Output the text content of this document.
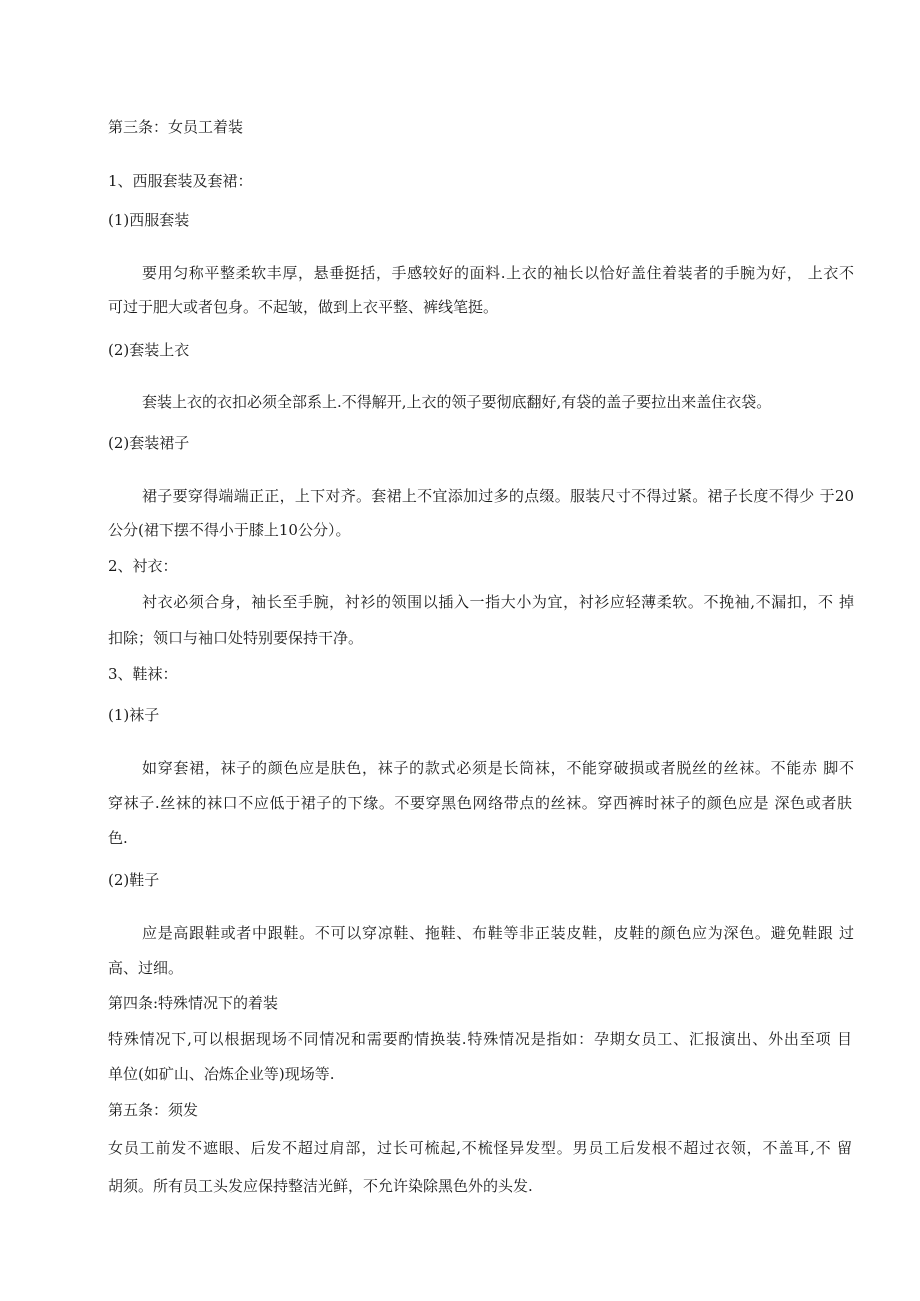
第三条：女员工着装
1、西服套装及套裙：
(1)西服套装
要用匀称平整柔软丰厚，悬垂挺括，手感较好的面料.上衣的袖长以恰好盖住着装者的手腕为好， 上衣不
可过于肥大或者包身。不起皱，做到上衣平整、裤线笔挺。
(2)套装上衣
套装上衣的衣扣必须全部系上.不得解开,上衣的领子要彻底翻好,有袋的盖子要拉出来盖住衣袋。
(2)套装裙子
裙子要穿得端端正正，上下对齐。套裙上不宜添加过多的点缀。服装尺寸不得过紧。裙子长度不得少 于20
公分(裙下摆不得小于膝上10公分）。
2、衬衣：
衬衣必须合身，袖长至手腕，衬衫的领围以插入一指大小为宜，衬衫应轻薄柔软。不挽袖,不漏扣，不 掉
扣除；领口与袖口处特别要保持干净。
3、鞋袜：
(1)袜子
如穿套裙，袜子的颜色应是肤色，袜子的款式必须是长筒袜，不能穿破损或者脱丝的丝袜。不能赤 脚不
穿袜子.丝袜的袜口不应低于裙子的下缘。不要穿黑色网络带点的丝袜。穿西裤时袜子的颜色应是 深色或者肤
色.
(2)鞋子
应是高跟鞋或者中跟鞋。不可以穿凉鞋、拖鞋、布鞋等非正装皮鞋，皮鞋的颜色应为深色。避免鞋跟 过
高、过细。
第四条:特殊情况下的着装
特殊情况下,可以根据现场不同情况和需要酌情换装.特殊情况是指如：孕期女员工、汇报演出、外出至项 目
单位(如矿山、冶炼企业等)现场等.
第五条：须发
女员工前发不遮眼、后发不超过肩部，过长可梳起,不梳怪异发型。男员工后发根不超过衣领，不盖耳,不 留
胡须。所有员工头发应保持整洁光鲜，不允许染除黑色外的头发.
